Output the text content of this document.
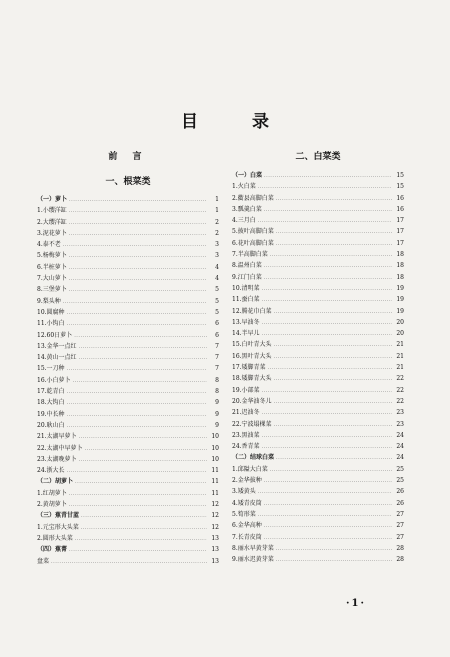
目 录
前 言
一、根菜类
（一）萝卜 .....	1
1.小缨洋缸 .....	1
2.大缨洋缸 .....	2
3.泥花萝卜 .....	2
4.泰不老 .....	3
5.杨梅萝卜 .....	3
6.半桩萝卜 .....	4
7.大山萝卜 .....	4
8.三堡萝卜 .....	5
9.梨头种 .....	5
10.圆腐种 .....	5
11.小钩白 .....	6
12.60日萝卜 .....	6
13.金华一点红 .....	7
14.黄山一点红 .....	7
15.一刀种 .....	7
16.小白萝卜 .....	8
17.乾青白 .....	8
18.大钩白 .....	9
19.中长种 .....	9
20.耿山白 .....	9
21.太湖早萝卜 .....	10
22.太湖中早萝卜 .....	10
23.太湖晚萝卜 .....	10
24.浙大长 .....	11
（二）胡萝卜 .....	11
1.红胡萝卜 .....	11
2.黄胡萝卜 .....	12
（三）蕉青甘蓝 .....	12
1.元宝形大头菜 .....	12
2.圆形大头菜 .....	13
（四）蕉菁 .....	13
盘菜 .....	13
二、白菜类
（一）白菜 .....	15
1.火白菜 .....	15
2.衢县高脚白菜 .....	16
3.瓢羹白菜 .....	16
4.三月白 .....	17
5.披叶高脚白菜 .....	17
6.花叶高脚白菜 .....	17
7.半高脚白菜 .....	18
8.温州白菜 .....	18
9.江门白菜 .....	18
10.清明菜 .....	19
11.蚕白菜 .....	19
12.腾花巾白菜 .....	19
13.早油冬 .....	20
14.半早儿 .....	20
15.白叶青大头 .....	21
16.黑叶青大头 .....	21
17.矮脚青菜 .....	21
18.矮脚青大头 .....	22
19.小部菜 .....	22
20.金华油冬儿 .....	22
21.迟油冬 .....	23
22.宁波塌棵菜 .....	23
23.黑油菜 .....	24
24.香青菜 .....	24
（二）结球白菜 .....	24
1.邱隘大白菜 .....	25
2.金华拔种 .....	25
3.矮黄头 .....	26
4.矮青皮筒 .....	26
5.筍形菜 .....	27
6.金华高种 .....	27
7.长青皮筒 .....	27
8.丽水早黄芽菜 .....	28
9.丽水迟黄芽菜 .....	28
·1·
